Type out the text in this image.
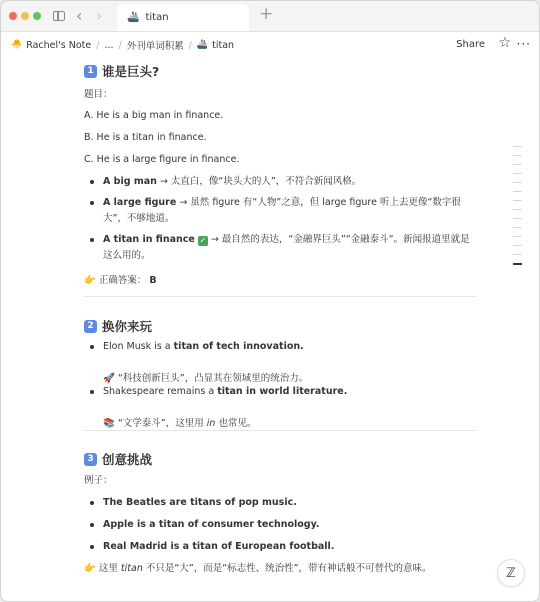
‹ › 🚢 titan	+
🐣 Rachel's Note / ... / 外刊单词积累 / 🚢 titan	Share ☆ ···
1 谁是巨头?

题目：

A. He is a big man in finance.

B. He is a titan in finance.

C. He is a large figure in finance.

A big man → 太直白，像“块头大的人”，不符合新闻风格。
A large figure → 虽然 figure 有“人物”之意，但 large figure 听上去更像“数字很大”，不够地道。
A titan in finance ✓ → 最自然的表达，“金融界巨头”“金融泰斗”。新闻报道里就是这么用的。

👉 正确答案： B

2 换你来玩
Elon Musk is a titan of tech innovation.

🚀 “科技创新巨头”，凸显其在领域里的统治力。

Shakespeare remains a titan in world literature.

📚 “文学泰斗”，这里用 in 也常见。

3 创意挑战

例子：

The Beatles are titans of pop music.
Apple is a titan of consumer technology.
Real Madrid is a titan of European football.

👉 这里 titan 不只是“大”，而是“标志性、统治性”，带有神话般不可替代的意味。	ℤ
